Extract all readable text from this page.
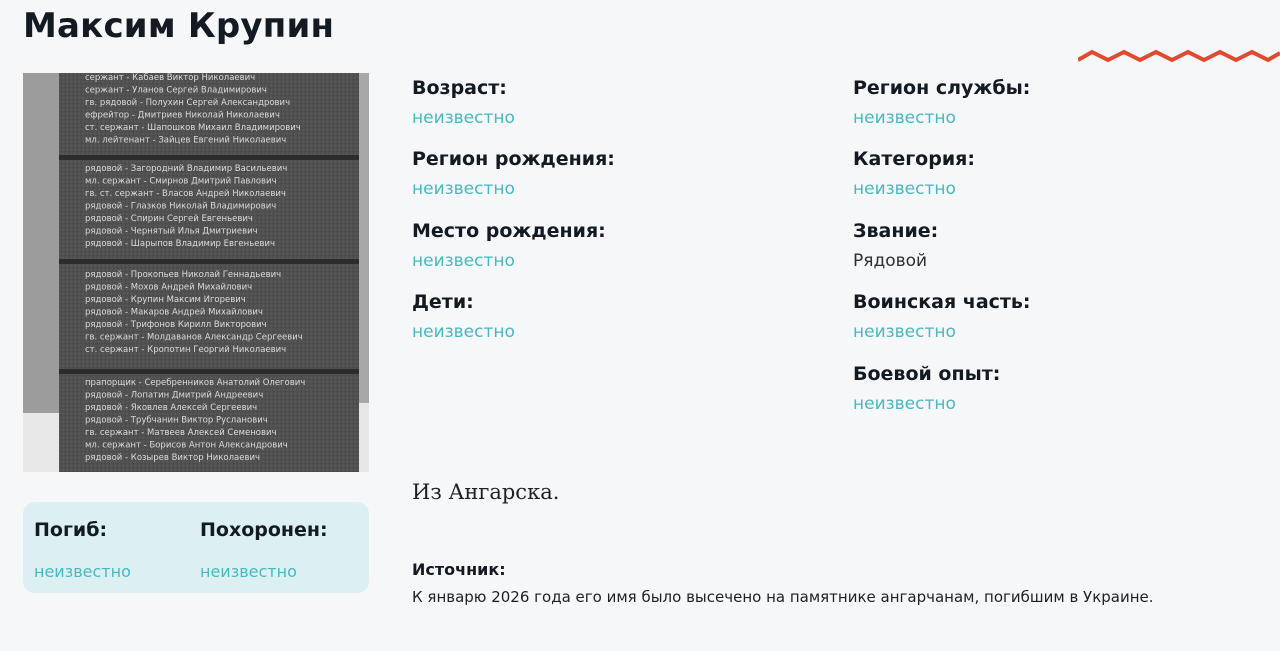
Максим Крупин
сержант - Кабаев Виктор Николаевич
сержант - Уланов Сергей Владимирович
гв. рядовой - Полухин Сергей Александрович
ефрейтор - Дмитриев Николай Николаевич
ст. сержант - Шапошков Михаил Владимирович
мл. лейтенант - Зайцев Евгений Николаевич
рядовой - Загородний Владимир Васильевич
мл. сержант - Смирнов Дмитрий Павлович
гв. ст. сержант - Власов Андрей Николаевич
рядовой - Глазков Николай Владимирович
рядовой - Спирин Сергей Евгеньевич
рядовой - Чернятый Илья Дмитриевич
рядовой - Шарыпов Владимир Евгеньевич
рядовой - Прокопьев Николай Геннадьевич
рядовой - Мохов Андрей Михайлович
рядовой - Крупин Максим Игоревич
рядовой - Макаров Андрей Михайлович
рядовой - Трифонов Кирилл Викторович
гв. сержант - Молдаванов Александр Сергеевич
ст. сержант - Кропотин Георгий Николаевич
прапорщик - Серебренников Анатолий Олегович
рядовой - Лопатин Дмитрий Андреевич
рядовой - Яковлев Алексей Сергеевич
рядовой - Трубчанин Виктор Русланович
гв. сержант - Матвеев Алексей Семенович
мл. сержант - Борисов Антон Александрович
рядовой - Козырев Виктор Николаевич
Погиб:
неизвестно
Похоронен:
неизвестно
Возраст:
неизвестно
Регион рождения:
неизвестно
Место рождения:
неизвестно
Дети:
неизвестно
Регион службы:
неизвестно
Категория:
неизвестно
Звание:
Рядовой
Воинская часть:
неизвестно
Боевой опыт:
неизвестно
Из Ангарска.
Источник:
К январю 2026 года его имя было высечено на памятнике ангарчанам, погибшим в Украине.
